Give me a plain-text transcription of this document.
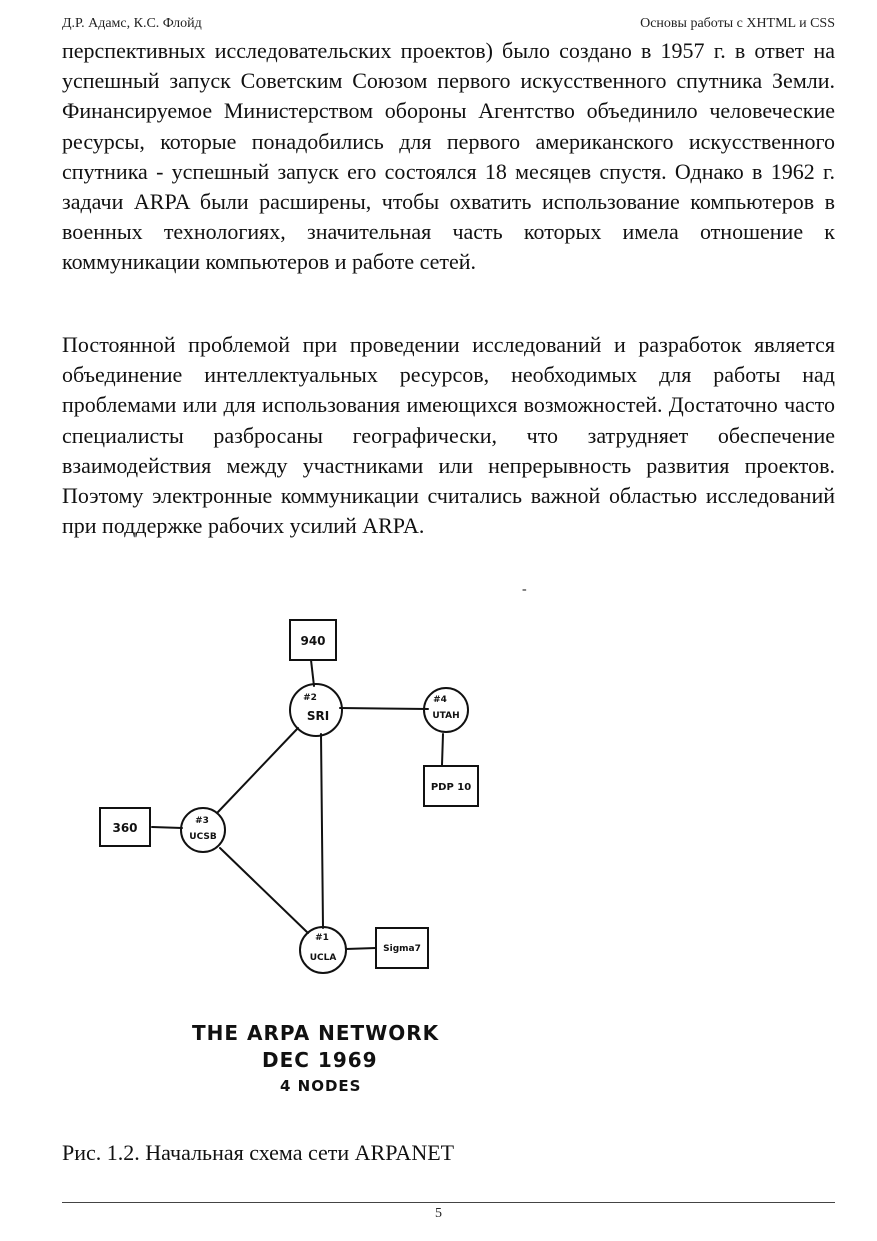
Д.Р. Адамс, К.С. Флойд	Основы работы с XHTML и CSS

перспективных исследовательских проектов) было создано в 1957 г. в ответ на успешный запуск Советским Союзом первого искусственного спутника Земли. Финансируемое Министерством обороны Агентство объединило человеческие ресурсы, которые понадобились для первого американского искусственного спутника - успешный запуск его состоялся 18 месяцев спустя. Однако в 1962 г. задачи ARPA были расширены, чтобы охватить использование компьютеров в военных технологиях, значительная часть которых имела отношение к коммуникации компьютеров и работе сетей.

Постоянной проблемой при проведении исследований и разработок является объединение интеллектуальных ресурсов, необходимых для работы над проблемами или для использования имеющихся возможностей. Достаточно часто специалисты разбросаны географически, что затрудняет обеспечение взаимодействия между участниками или непрерывность развития проектов. Поэтому электронные коммуникации считались важной областью исследований при поддержке рабочих усилий ARPA.

-
940
360
PDP 10
Sigma7
#2
SRI
#4
UTAH
#3
UCSB
#1
UCLA
THE ARPA NETWORK
DEC 1969
4 NODES
Рис. 1.2. Начальная схема сети ARPANET
5
